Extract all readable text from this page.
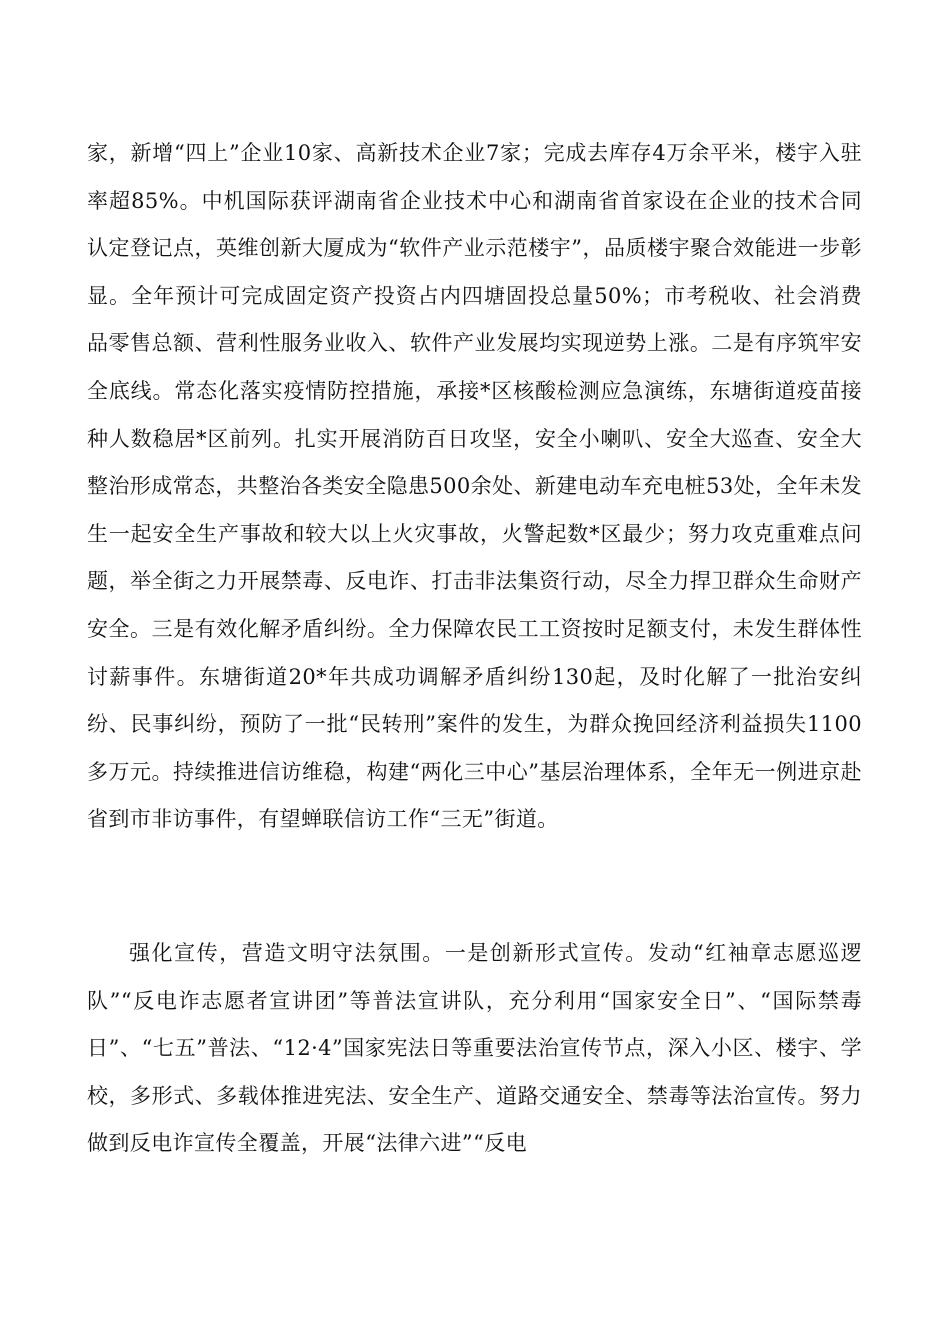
家，新增“四上”企业10家、高新技术企业7家；完成去库存4万余平米，楼宇入驻率超85%。中机国际获评湖南省企业技术中心和湖南省首家设在企业的技术合同认定登记点，英维创新大厦成为“软件产业示范楼宇”，品质楼宇聚合效能进一步彰显。全年预计可完成固定资产投资占内四塘固投总量50%；市考税收、社会消费品零售总额、营利性服务业收入、软件产业发展均实现逆势上涨。二是有序筑牢安全底线。常态化落实疫情防控措施，承接*区核酸检测应急演练，东塘街道疫苗接种人数稳居*区前列。扎实开展消防百日攻坚，安全小喇叭、安全大巡查、安全大整治形成常态，共整治各类安全隐患500余处、新建电动车充电桩53处，全年未发生一起安全生产事故和较大以上火灾事故，火警起数*区最少；努力攻克重难点问题，举全街之力开展禁毒、反电诈、打击非法集资行动，尽全力捍卫群众生命财产安全。三是有效化解矛盾纠纷。全力保障农民工工资按时足额支付，未发生群体性讨薪事件。东塘街道20*年共成功调解矛盾纠纷130起，及时化解了一批治安纠纷、民事纠纷，预防了一批“民转刑”案件的发生，为群众挽回经济利益损失1100多万元。持续推进信访维稳，构建“两化三中心”基层治理体系，全年无一例进京赴省到市非访事件，有望蝉联信访工作“三无”街道。

强化宣传，营造文明守法氛围。一是创新形式宣传。发动“红袖章志愿巡逻队”“反电诈志愿者宣讲团”等普法宣讲队，充分利用“国家安全日”、“国际禁毒日”、“七五”普法、“12·4”国家宪法日等重要法治宣传节点，深入小区、楼宇、学校，多形式、多载体推进宪法、安全生产、道路交通安全、禁毒等法治宣传。努力做到反电诈宣传全覆盖，开展“法律六进”“反电
